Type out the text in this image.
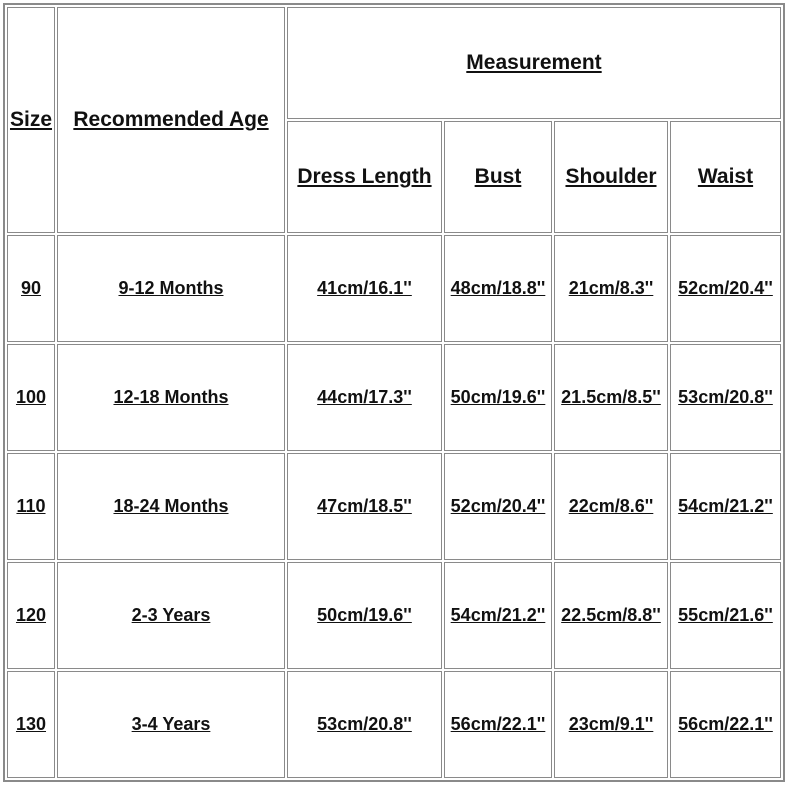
Size	Recommended Age	Measurement			
		Dress Length	Bust	Shoulder	Waist
90	9-12 Months	41cm/16.1''	48cm/18.8''	21cm/8.3''	52cm/20.4''
100	12-18 Months	44cm/17.3''	50cm/19.6''	21.5cm/8.5''	53cm/20.8''
110	18-24 Months	47cm/18.5''	52cm/20.4''	22cm/8.6''	54cm/21.2''
120	2-3 Years	50cm/19.6''	54cm/21.2''	22.5cm/8.8''	55cm/21.6''
130	3-4 Years	53cm/20.8''	56cm/22.1''	23cm/9.1''	56cm/22.1''
